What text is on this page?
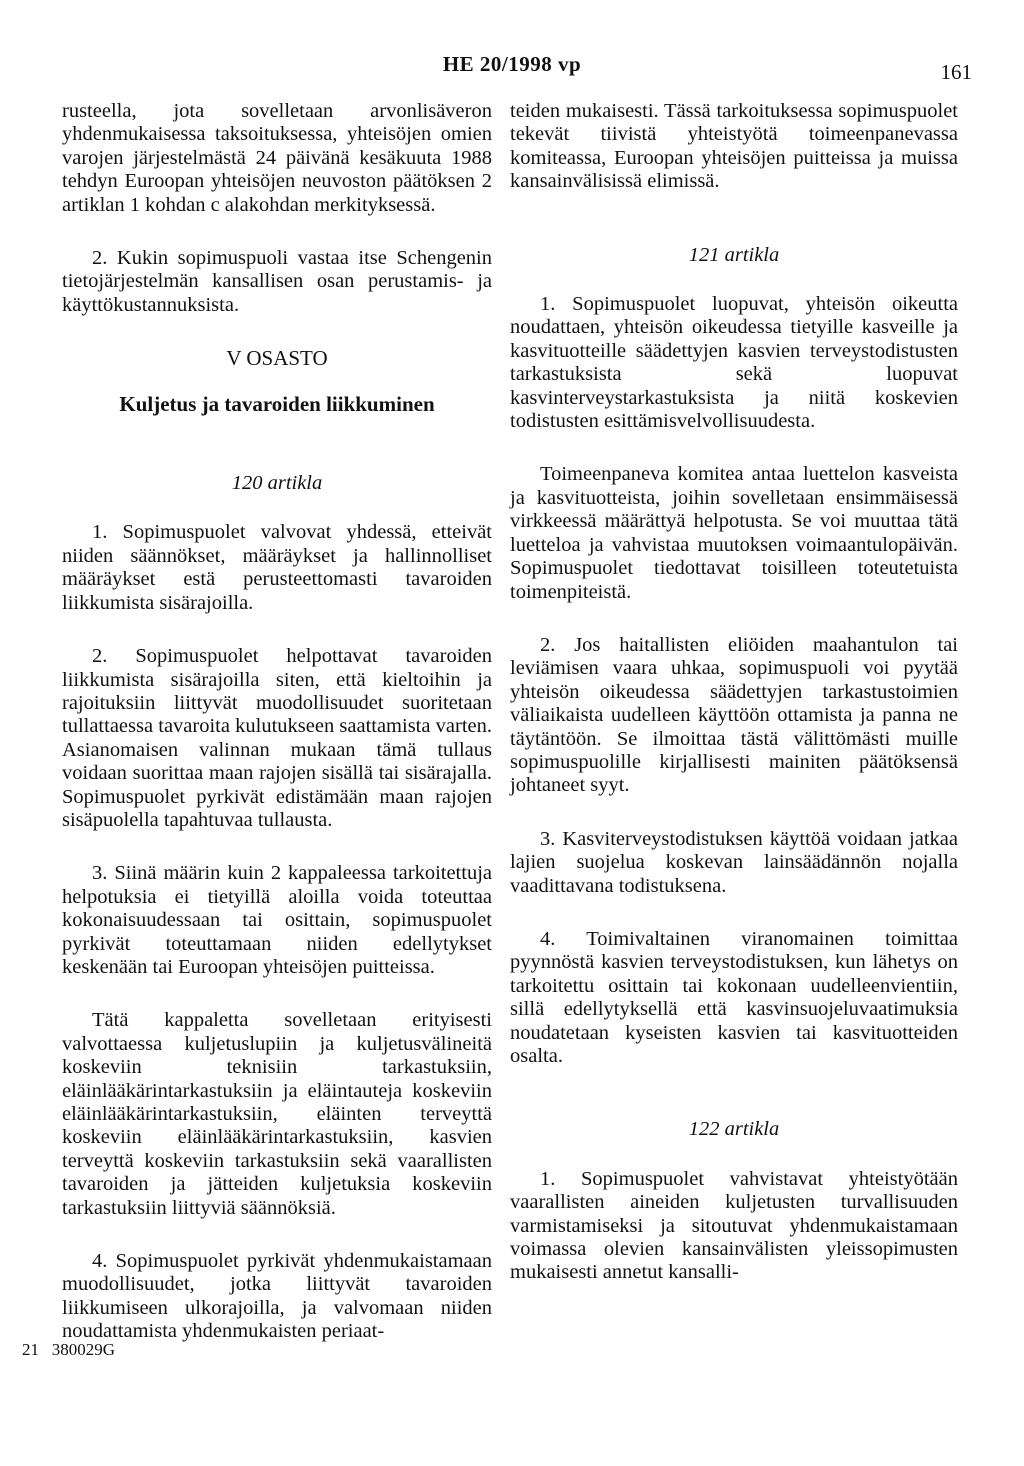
HE 20/1998 vp	161

rusteella, jota sovelletaan arvonlisäveron yhdenmukaisessa taksoituksessa, yhteisöjen omien varojen järjestelmästä 24 päivänä kesäkuuta 1988 tehdyn Euroopan yhteisöjen neuvoston päätöksen 2 artiklan 1 kohdan c alakohdan merkityksessä.

2. Kukin sopimuspuoli vastaa itse Schengenin tietojärjestelmän kansallisen osan perustamis- ja käyttökustannuksista.

V OSASTO
Kuljetus ja tavaroiden liikkuminen
120 artikla

1. Sopimuspuolet valvovat yhdessä, etteivät niiden säännökset, määräykset ja hallinnolliset määräykset estä perusteettomasti tavaroiden liikkumista sisärajoilla.

2. Sopimuspuolet helpottavat tavaroiden liikkumista sisärajoilla siten, että kieltoihin ja rajoituksiin liittyvät muodollisuudet suoritetaan tullattaessa tavaroita kulutukseen saattamista varten. Asianomaisen valinnan mukaan tämä tullaus voidaan suorittaa maan rajojen sisällä tai sisärajalla. Sopimuspuolet pyrkivät edistämään maan rajojen sisäpuolella tapahtuvaa tullausta.

3. Siinä määrin kuin 2 kappaleessa tarkoitettuja helpotuksia ei tietyillä aloilla voida toteuttaa kokonaisuudessaan tai osittain, sopimuspuolet pyrkivät toteuttamaan niiden edellytykset keskenään tai Euroopan yhteisöjen puitteissa.

Tätä kappaletta sovelletaan erityisesti valvottaessa kuljetuslupiin ja kuljetusvälineitä koskeviin teknisiin tarkastuksiin, eläinlääkärintarkastuksiin ja eläintauteja koskeviin eläinlääkärintarkastuksiin, eläinten terveyttä koskeviin eläinlääkärintarkastuksiin, kasvien terveyttä koskeviin tarkastuksiin sekä vaarallisten tavaroiden ja jätteiden kuljetuksia koskeviin tarkastuksiin liittyviä säännöksiä.

4. Sopimuspuolet pyrkivät yhdenmukaistamaan muodollisuudet, jotka liittyvät tavaroiden liikkumiseen ulkorajoilla, ja valvomaan niiden noudattamista yhdenmukaisten periaat-

teiden mukaisesti. Tässä tarkoituksessa sopimuspuolet tekevät tiivistä yhteistyötä toimeenpanevassa komiteassa, Euroopan yhteisöjen puitteissa ja muissa kansainvälisissä elimissä.

121 artikla

1. Sopimuspuolet luopuvat, yhteisön oikeutta noudattaen, yhteisön oikeudessa tietyille kasveille ja kasvituotteille säädettyjen kasvien terveystodistusten tarkastuksista sekä luopuvat kasvinterveystarkastuksista ja niitä koskevien todistusten esittämisvelvollisuudesta.

Toimeenpaneva komitea antaa luettelon kasveista ja kasvituotteista, joihin sovelletaan ensimmäisessä virkkeessä määrättyä helpotusta. Se voi muuttaa tätä luetteloa ja vahvistaa muutoksen voimaantulopäivän. Sopimuspuolet tiedottavat toisilleen toteutetuista toimenpiteistä.

2. Jos haitallisten eliöiden maahantulon tai leviämisen vaara uhkaa, sopimuspuoli voi pyytää yhteisön oikeudessa säädettyjen tarkastustoimien väliaikaista uudelleen käyttöön ottamista ja panna ne täytäntöön. Se ilmoittaa tästä välittömästi muille sopimuspuolille kirjallisesti mainiten päätöksensä johtaneet syyt.

3. Kasviterveystodistuksen käyttöä voidaan jatkaa lajien suojelua koskevan lainsäädännön nojalla vaadittavana todistuksena.

4. Toimivaltainen viranomainen toimittaa pyynnöstä kasvien terveystodistuksen, kun lähetys on tarkoitettu osittain tai kokonaan uudelleenvientiin, sillä edellytyksellä että kasvinsuojeluvaatimuksia noudatetaan kyseisten kasvien tai kasvituotteiden osalta.

122 artikla

1. Sopimuspuolet vahvistavat yhteistyötään vaarallisten aineiden kuljetusten turvallisuuden varmistamiseksi ja sitoutuvat yhdenmukaistamaan voimassa olevien kansainvälisten yleissopimusten mukaisesti annetut kansalli-

21   380029G
